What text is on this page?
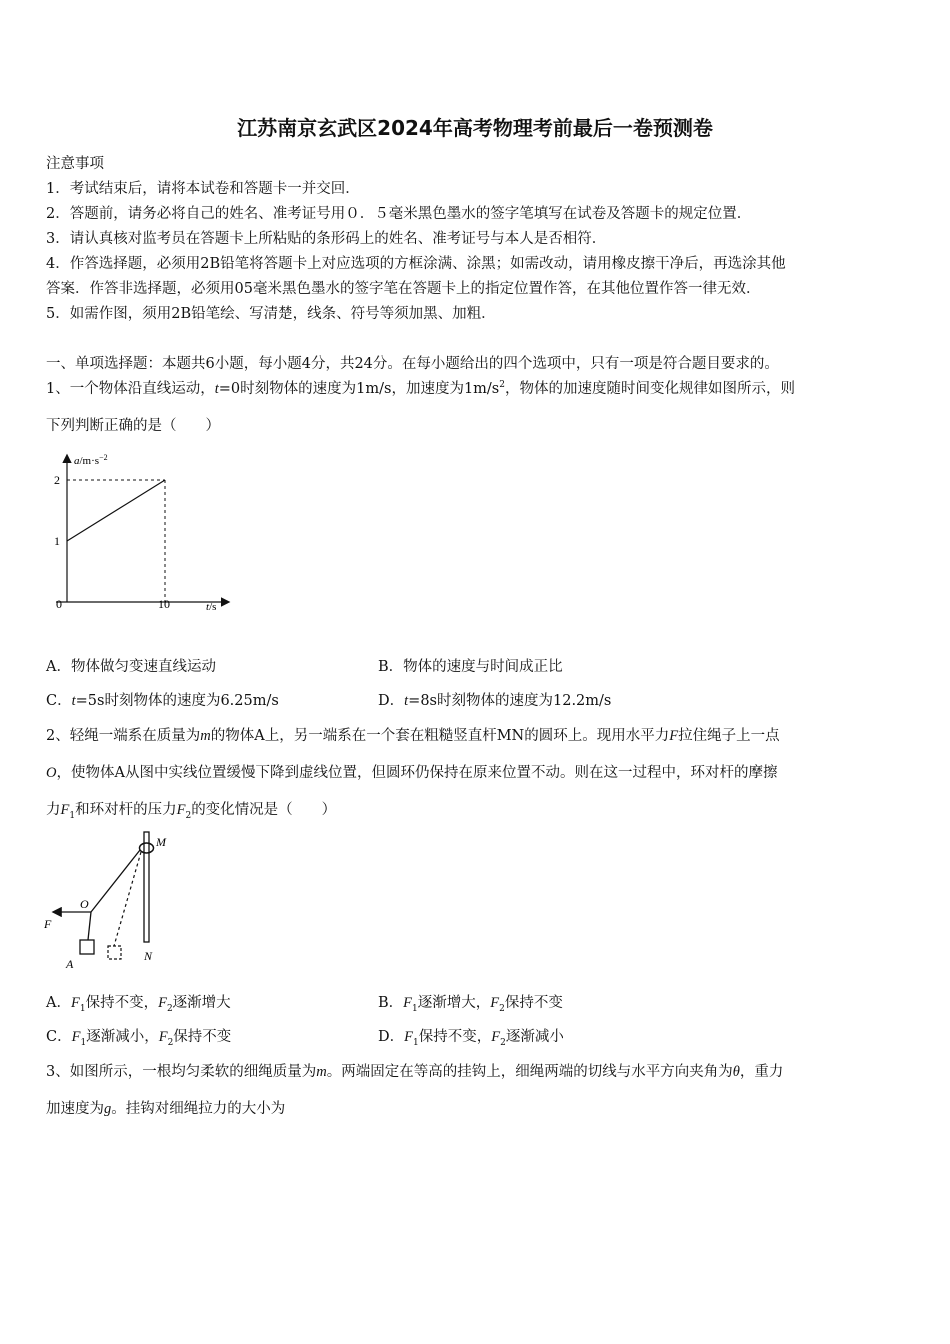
江苏南京玄武区2024年高考物理考前最后一卷预测卷
注意事项
1．考试结束后，请将本试卷和答题卡一并交回．
2．答题前，请务必将自己的姓名、准考证号用０．５毫米黑色墨水的签字笔填写在试卷及答题卡的规定位置．
3．请认真核对监考员在答题卡上所粘贴的条形码上的姓名、准考证号与本人是否相符．
4．作答选择题，必须用2B铅笔将答题卡上对应选项的方框涂满、涂黑；如需改动，请用橡皮擦干净后，再选涂其他
答案．作答非选择题，必须用05毫米黑色墨水的签字笔在答题卡上的指定位置作答，在其他位置作答一律无效．
5．如需作图，须用2B铅笔绘、写清楚，线条、符号等须加黑、加粗．
一、单项选择题：本题共6小题，每小题4分，共24分。在每小题给出的四个选项中，只有一项是符合题目要求的。
1、一个物体沿直线运动，t=0时刻物体的速度为1m/s，加速度为$1m/s^2$，物体的加速度随时间变化规律如图所示，则
下列判断正确的是（　　）
$a/m\cdot s^{-2}$
2
1
0	10	t/s
A．物体做匀变速直线运动	B．物体的速度与时间成正比
C．t=5s时刻物体的速度为6.25m/s	D．t=8s时刻物体的速度为12.2m/s
2、轻绳一端系在质量为m的物体A上，另一端系在一个套在粗糙竖直杆MN的圆环上。现用水平力F拉住绳子上一点
O，使物体A从图中实线位置缓慢下降到虚线位置，但圆环仍保持在原来位置不动。则在这一过程中，环对杆的摩擦
力$F_1$和环对杆的压力$F_2$的变化情况是（　　）
M
N
O
F
A
A．$F_1$保持不变，$F_2$逐渐增大	B．$F_1$逐渐增大，$F_2$保持不变
C．$F_1$逐渐减小，$F_2$保持不变	D．$F_1$保持不变，$F_2$逐渐减小
3、如图所示，一根均匀柔软的细绳质量为m。两端固定在等高的挂钩上，细绳两端的切线与水平方向夹角为θ，重力
加速度为g。挂钩对细绳拉力的大小为
